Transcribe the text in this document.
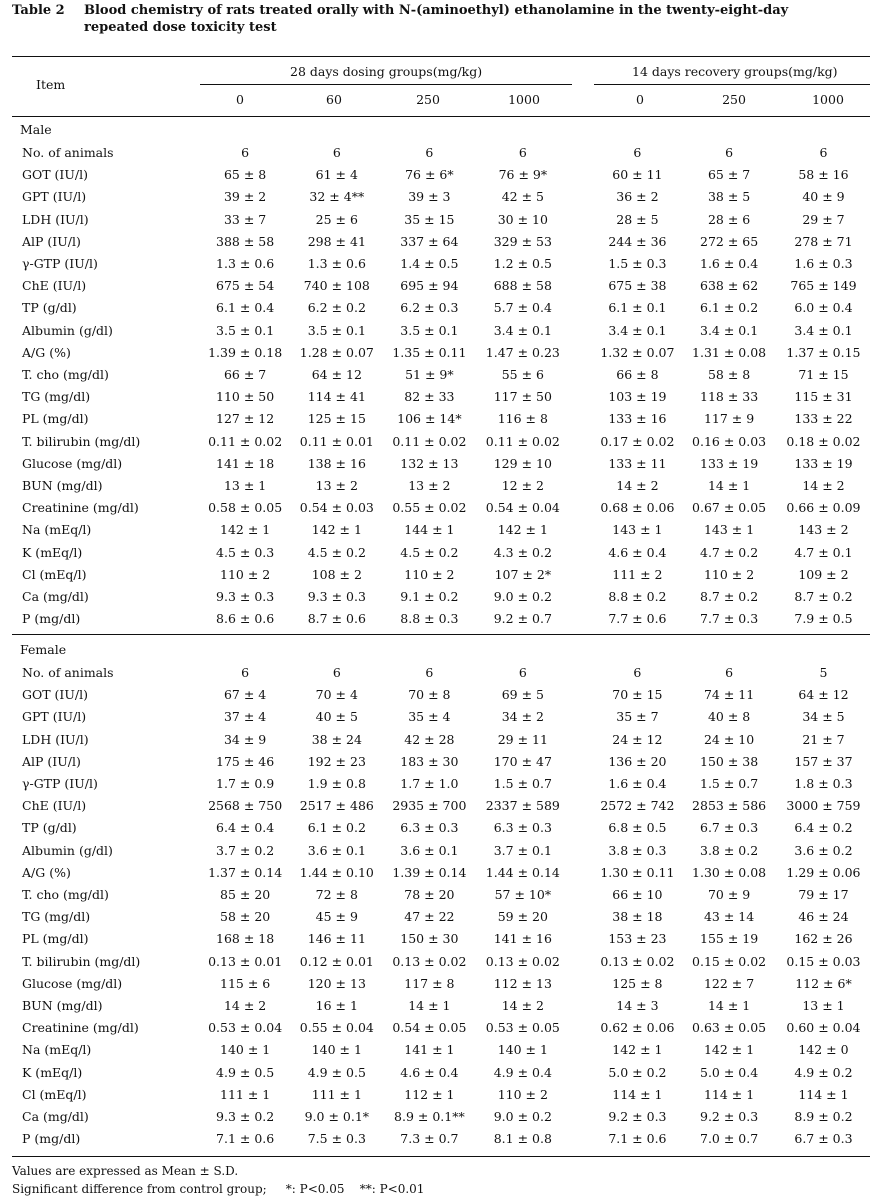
Table 2 Blood chemistry of rats treated orally with N-(aminoethyl) ethanolamine in the twenty-eight-day repeated dose toxicity test
Item
28 days dosing groups(mg/kg)	14 days recovery groups(mg/kg)
0	60	250	1000	0	250	1000
Male
No. of animals	6	6	6	6	6	6	6
GOT (IU/l)	65 ± 8	61 ± 4	76 ± 6*	76 ± 9*	60 ± 11	65 ± 7	58 ± 16
GPT (IU/l)	39 ± 2	32 ± 4**	39 ± 3	42 ± 5	36 ± 2	38 ± 5	40 ± 9
LDH (IU/l)	33 ± 7	25 ± 6	35 ± 15	30 ± 10	28 ± 5	28 ± 6	29 ± 7
AlP (IU/l)	388 ± 58	298 ± 41	337 ± 64	329 ± 53	244 ± 36	272 ± 65	278 ± 71
γ-GTP (IU/l)	1.3 ± 0.6	1.3 ± 0.6	1.4 ± 0.5	1.2 ± 0.5	1.5 ± 0.3	1.6 ± 0.4	1.6 ± 0.3
ChE (IU/l)	675 ± 54	740 ± 108	695 ± 94	688 ± 58	675 ± 38	638 ± 62	765 ± 149
TP (g/dl)	6.1 ± 0.4	6.2 ± 0.2	6.2 ± 0.3	5.7 ± 0.4	6.1 ± 0.1	6.1 ± 0.2	6.0 ± 0.4
Albumin (g/dl)	3.5 ± 0.1	3.5 ± 0.1	3.5 ± 0.1	3.4 ± 0.1	3.4 ± 0.1	3.4 ± 0.1	3.4 ± 0.1
A/G (%)	1.39 ± 0.18	1.28 ± 0.07	1.35 ± 0.11	1.47 ± 0.23	1.32 ± 0.07	1.31 ± 0.08	1.37 ± 0.15
T. cho (mg/dl)	66 ± 7	64 ± 12	51 ± 9*	55 ± 6	66 ± 8	58 ± 8	71 ± 15
TG (mg/dl)	110 ± 50	114 ± 41	82 ± 33	117 ± 50	103 ± 19	118 ± 33	115 ± 31
PL (mg/dl)	127 ± 12	125 ± 15	106 ± 14*	116 ± 8	133 ± 16	117 ± 9	133 ± 22
T. bilirubin (mg/dl)	0.11 ± 0.02	0.11 ± 0.01	0.11 ± 0.02	0.11 ± 0.02	0.17 ± 0.02	0.16 ± 0.03	0.18 ± 0.02
Glucose (mg/dl)	141 ± 18	138 ± 16	132 ± 13	129 ± 10	133 ± 11	133 ± 19	133 ± 19
BUN (mg/dl)	13 ± 1	13 ± 2	13 ± 2	12 ± 2	14 ± 2	14 ± 1	14 ± 2
Creatinine (mg/dl)	0.58 ± 0.05	0.54 ± 0.03	0.55 ± 0.02	0.54 ± 0.04	0.68 ± 0.06	0.67 ± 0.05	0.66 ± 0.09
Na (mEq/l)	142 ± 1	142 ± 1	144 ± 1	142 ± 1	143 ± 1	143 ± 1	143 ± 2
K (mEq/l)	4.5 ± 0.3	4.5 ± 0.2	4.5 ± 0.2	4.3 ± 0.2	4.6 ± 0.4	4.7 ± 0.2	4.7 ± 0.1
Cl (mEq/l)	110 ± 2	108 ± 2	110 ± 2	107 ± 2*	111 ± 2	110 ± 2	109 ± 2
Ca (mg/dl)	9.3 ± 0.3	9.3 ± 0.3	9.1 ± 0.2	9.0 ± 0.2	8.8 ± 0.2	8.7 ± 0.2	8.7 ± 0.2
P (mg/dl)	8.6 ± 0.6	8.7 ± 0.6	8.8 ± 0.3	9.2 ± 0.7	7.7 ± 0.6	7.7 ± 0.3	7.9 ± 0.5
Female
No. of animals	6	6	6	6	6	6	5
GOT (IU/l)	67 ± 4	70 ± 4	70 ± 8	69 ± 5	70 ± 15	74 ± 11	64 ± 12
GPT (IU/l)	37 ± 4	40 ± 5	35 ± 4	34 ± 2	35 ± 7	40 ± 8	34 ± 5
LDH (IU/l)	34 ± 9	38 ± 24	42 ± 28	29 ± 11	24 ± 12	24 ± 10	21 ± 7
AlP (IU/l)	175 ± 46	192 ± 23	183 ± 30	170 ± 47	136 ± 20	150 ± 38	157 ± 37
γ-GTP (IU/l)	1.7 ± 0.9	1.9 ± 0.8	1.7 ± 1.0	1.5 ± 0.7	1.6 ± 0.4	1.5 ± 0.7	1.8 ± 0.3
ChE (IU/l)	2568 ± 750	2517 ± 486	2935 ± 700	2337 ± 589	2572 ± 742	2853 ± 586	3000 ± 759
TP (g/dl)	6.4 ± 0.4	6.1 ± 0.2	6.3 ± 0.3	6.3 ± 0.3	6.8 ± 0.5	6.7 ± 0.3	6.4 ± 0.2
Albumin (g/dl)	3.7 ± 0.2	3.6 ± 0.1	3.6 ± 0.1	3.7 ± 0.1	3.8 ± 0.3	3.8 ± 0.2	3.6 ± 0.2
A/G (%)	1.37 ± 0.14	1.44 ± 0.10	1.39 ± 0.14	1.44 ± 0.14	1.30 ± 0.11	1.30 ± 0.08	1.29 ± 0.06
T. cho (mg/dl)	85 ± 20	72 ± 8	78 ± 20	57 ± 10*	66 ± 10	70 ± 9	79 ± 17
TG (mg/dl)	58 ± 20	45 ± 9	47 ± 22	59 ± 20	38 ± 18	43 ± 14	46 ± 24
PL (mg/dl)	168 ± 18	146 ± 11	150 ± 30	141 ± 16	153 ± 23	155 ± 19	162 ± 26
T. bilirubin (mg/dl)	0.13 ± 0.01	0.12 ± 0.01	0.13 ± 0.02	0.13 ± 0.02	0.13 ± 0.02	0.15 ± 0.02	0.15 ± 0.03
Glucose (mg/dl)	115 ± 6	120 ± 13	117 ± 8	112 ± 13	125 ± 8	122 ± 7	112 ± 6*
BUN (mg/dl)	14 ± 2	16 ± 1	14 ± 1	14 ± 2	14 ± 3	14 ± 1	13 ± 1
Creatinine (mg/dl)	0.53 ± 0.04	0.55 ± 0.04	0.54 ± 0.05	0.53 ± 0.05	0.62 ± 0.06	0.63 ± 0.05	0.60 ± 0.04
Na (mEq/l)	140 ± 1	140 ± 1	141 ± 1	140 ± 1	142 ± 1	142 ± 1	142 ± 0
K (mEq/l)	4.9 ± 0.5	4.9 ± 0.5	4.6 ± 0.4	4.9 ± 0.4	5.0 ± 0.2	5.0 ± 0.4	4.9 ± 0.2
Cl (mEq/l)	111 ± 1	111 ± 1	112 ± 1	110 ± 2	114 ± 1	114 ± 1	114 ± 1
Ca (mg/dl)	9.3 ± 0.2	9.0 ± 0.1*	8.9 ± 0.1**	9.0 ± 0.2	9.2 ± 0.3	9.2 ± 0.3	8.9 ± 0.2
P (mg/dl)	7.1 ± 0.6	7.5 ± 0.3	7.3 ± 0.7	8.1 ± 0.8	7.1 ± 0.6	7.0 ± 0.7	6.7 ± 0.3
Values are expressed as Mean ± S.D.
Significant difference from control group;     *: P<0.05    **: P<0.01
